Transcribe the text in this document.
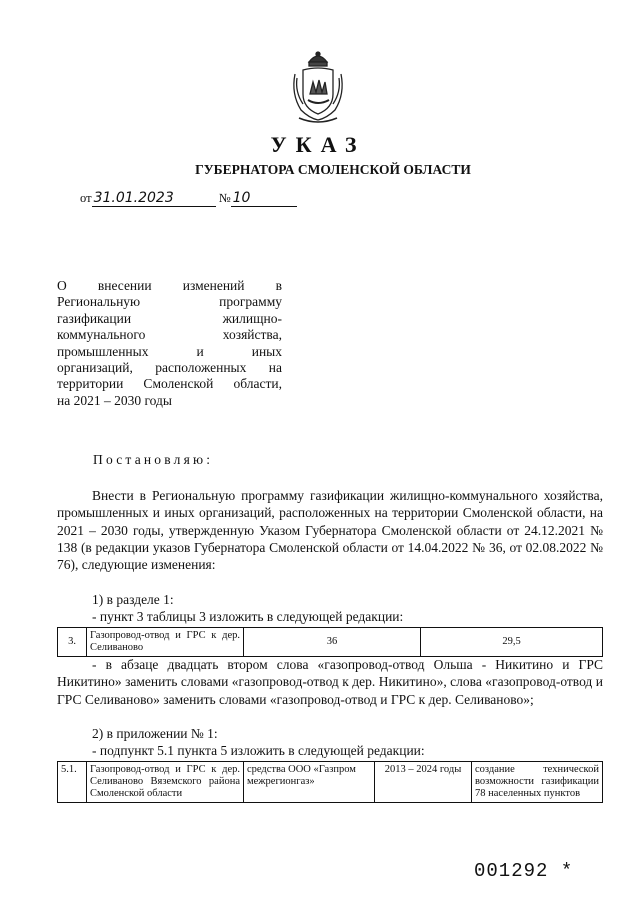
УКАЗ
ГУБЕРНАТОРА СМОЛЕНСКОЙ ОБЛАСТИ
от 31.01.2023	№ 10
О внесении изменений в
Региональную программу
газификации жилищно-
коммунального хозяйства,
промышленных и иных
организаций, расположенных на
территории Смоленской области,
на 2021 – 2030 годы
Постановляю:
Внести в Региональную программу газификации жилищно-коммунального хозяйства, промышленных и иных организаций, расположенных на территории Смоленской области, на 2021 – 2030 годы, утвержденную Указом Губернатора Смоленской области от 24.12.2021 № 138 (в редакции указов Губернатора Смоленской области от 14.04.2022 № 36, от 02.08.2022 № 76), следующие изменения:
1) в разделе 1:
- пункт 3 таблицы 3 изложить в следующей редакции:
3.	Газопровод-отвод и ГРС к дер. Селиваново	36	29,5
- в абзаце двадцать втором слова «газопровод-отвод Ольша - Никитино и ГРС Никитино» заменить словами «газопровод-отвод к дер. Никитино», слова «газопровод-отвод и ГРС Селиваново» заменить словами «газопровод-отвод и ГРС к дер. Селиваново»;
2) в приложении № 1:
- подпункт 5.1 пункта 5 изложить в следующей редакции:
5.1.	Газопровод-отвод и ГРС к дер. Селиваново Вяземского района Смоленской области	средства ООО «Газпром межрегионгаз»	2013 – 2024 годы	создание технической возможности газификации 78 населенных пунктов
001292 *
